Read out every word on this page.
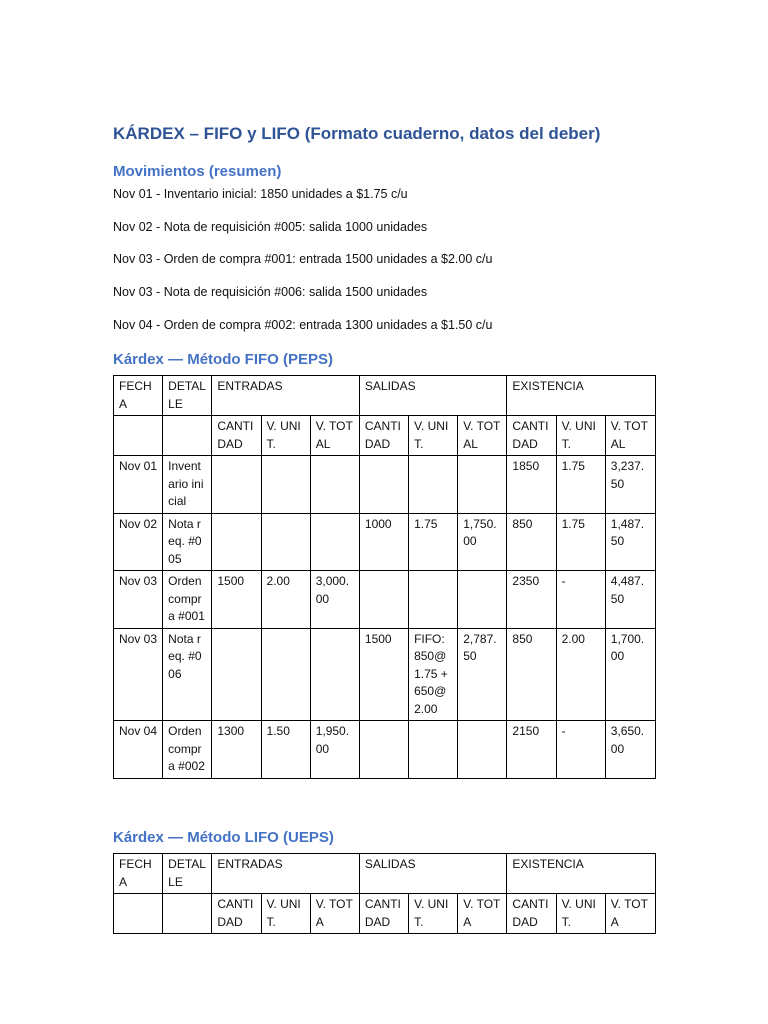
KÁRDEX – FIFO y LIFO (Formato cuaderno, datos del deber)
Movimientos (resumen)

Nov 01 - Inventario inicial: 1850 unidades a $1.75 c/u

Nov 02 - Nota de requisición #005: salida 1000 unidades

Nov 03 - Orden de compra #001: entrada 1500 unidades a $2.00 c/u

Nov 03 - Nota de requisición #006: salida 1500 unidades

Nov 04 - Orden de compra #002: entrada 1300 unidades a $1.50 c/u

Kárdex — Método FIFO (PEPS)
FECHA	DETALLE	ENTRADAS			SALIDAS			EXISTENCIA		
		CANTIDAD	V. UNIT.	V. TOTAL	CANTIDAD	V. UNIT.	V. TOTAL	CANTIDAD	V. UNIT.	V. TOTAL
Nov 01	Inventario inicial							1850	1.75	3,237.50
Nov 02	Nota req. #005				1000	1.75	1,750.00	850	1.75	1,487.50
Nov 03	Orden compra #001	1500	2.00	3,000.00				2350	-	4,487.50
Nov 03	Nota req. #006				1500	FIFO: 850@ 1.75 + 650@ 2.00	2,787.50	850	2.00	1,700.00
Nov 04	Orden compra #002	1300	1.50	1,950.00				2150	-	3,650.00
Kárdex — Método LIFO (UEPS)
FECHA	DETALLE	ENTRADAS			SALIDAS			EXISTENCIA		
		CANTIDAD	V. UNIT.	V. TOTA	CANTIDAD	V. UNIT.	V. TOTA	CANTIDAD	V. UNIT.	V. TOTA
